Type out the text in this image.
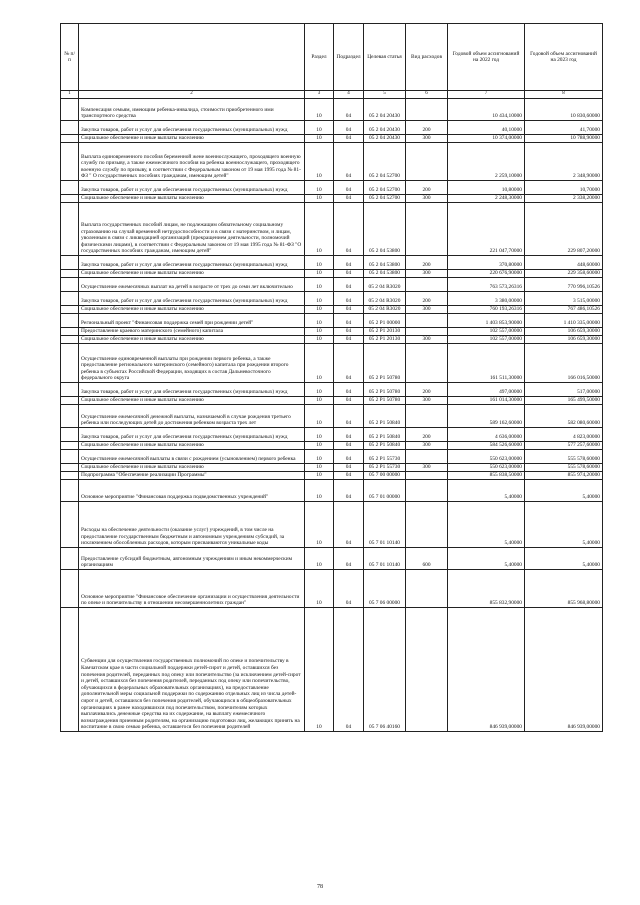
№ п/п		Раздел	Подраздел	Целевая статья	Вид расходов	Годовой объем ассигнований на 2022 год	Годовой объем ассигнований на 2023 год
1	2	3	4	5	6	7	8
	Компенсация семьям, имеющим ребенка-инвалида, стоимости приобретенного ими транспортного средства	10	04	05 2 04 20430		10 434,10000	10 830,60000
	Закупка товаров, работ и услуг для обеспечения государственных (муниципальных) нужд	10	04	05 2 04 20430	200	40,10000	41,70000
	Социальное обеспечение и иные выплаты населению	10	04	05 2 04 20430	300	10 374,00000	10 788,90000
	Выплата единовременного пособия беременной жене военнослужащего, проходящего военную службу по призыву, а также ежемесячного пособия на ребенка военнослужащего, проходящего военную службу по призыву, в соответствии с Федеральным законом от 19 мая 1995 года № 81-ФЗ " О государственных пособиях гражданам, имеющим детей"	10	04	05 2 04 52700		2 259,10000	2 348,90000
	Закупка товаров, работ и услуг для обеспечения государственных (муниципальных) нужд	10	04	05 2 04 52700	200	10,80000	10,70000
	Социальное обеспечение и иные выплаты населению	10	04	05 2 04 52700	300	2 248,30000	2 338,20000
	Выплата государственных пособий лицам, не подлежащим обязательному социальному страхованию на случай временной нетрудоспособности и в связи с материнством, и лицам, уволенным в связи с ликвидацией организаций (прекращением деятельности, полномочий физическими лицами), в соответствии с Федеральным законом от 19 мая 1995 года № 81-ФЗ "О государственных пособиях гражданам, имеющим детей"	10	04	05 2 04 53800		221 047,70000	229 807,20000
	Закупка товаров, работ и услуг для обеспечения государственных (муниципальных) нужд	10	04	05 2 04 53800	200	370,80000	448,60000
	Социальное обеспечение и иные выплаты населению	10	04	05 2 04 53800	300	220 676,90000	229 358,60000
	Осуществление ежемесячных выплат на детей в возрасте от трех до семи лет включительно	10	04	05 2 04 R3020		763 573,26316	770 996,10526
	Закупка товаров, работ и услуг для обеспечения государственных (муниципальных) нужд	10	04	05 2 04 R3020	200	3 380,00000	3 515,00000
	Социальное обеспечение и иные выплаты населению	10	04	05 2 04 R3020	300	760 193,26316	767 486,10526
	Региональный проект "Финансовая поддержка семей при рождении детей"	10	04	05 2 P1 00000		1 403 853,90000	1 410 335,00000
	Предоставление краевого материнского (семейного) капитала	10	04	05 2 P1 20130		102 557,00000	106 659,30000
	Социальное обеспечение и иные выплаты населению	10	04	05 2 P1 20130	300	102 557,00000	106 659,30000
	Осуществление единовременной выплаты при рождении первого ребенка, а также предоставление регионального материнского (семейного) капитала при рождении второго ребенка в субъектах Российской Федерации, входящих в состав Дальневосточного федерального округа	10	04	05 2 P1 50780		161 511,30000	166 016,50000
	Закупка товаров, работ и услуг для обеспечения государственных (муниципальных) нужд	10	04	05 2 P1 50780	200	497,00000	517,00000
	Социальное обеспечение и иные выплаты населению	10	04	05 2 P1 50780	300	161 014,30000	165 499,50000
	Осуществление ежемесячной денежной выплаты, назначаемой в случае рождения третьего ребенка или последующих детей до достижения ребенком возраста трех лет	10	04	05 2 P1 50840		589 162,60000	582 080,60000
	Закупка товаров, работ и услуг для обеспечения государственных (муниципальных) нужд	10	04	05 2 P1 50840	200	4 636,00000	4 823,00000
	Социальное обеспечение и иные выплаты населению	10	04	05 2 P1 50840	300	584 526,60000	577 257,60000
	Осуществление ежемесячной выплаты в связи с рождением (усыновлением) первого ребенка	10	04	05 2 P1 55730		550 623,00000	555 578,60000
	Социальное обеспечение и иные выплаты населению	10	04	05 2 P1 55730	300	550 623,00000	555 578,60000
	Подпрограмма "Обеспечение реализации Программы"	10	04	05 7 00 00000		855 838,50000	855 974,20000
	Основное мероприятие "Финансовая поддержка подведомственных учреждений"	10	04	05 7 01 00000		5,40000	5,40000
	Расходы на обеспечение деятельности (оказание услуг) учреждений, в том числе на предоставление государственным бюджетным и автономным учреждениям субсидий, за исключением обособленных расходов, которым присваиваются уникальные коды	10	04	05 7 01 10140		5,40000	5,40000
	Предоставление субсидий бюджетным, автономным учреждениям и иным некоммерческим организациям	10	04	05 7 01 10140	600	5,40000	5,40000
	Основное мероприятие "Финансовое обеспечение организации и осуществления деятельности по опеке и попечительству в отношении несовершеннолетних граждан"	10	04	05 7 06 00000		855 832,90000	855 968,80000
	Субвенции для осуществления государственных полномочий по опеке и попечительству в Камчатском крае в части социальной поддержки детей-сирот и детей, оставшихся без попечения родителей, переданных под опеку или попечительство (за исключением детей-сирот и детей, оставшихся без попечения родителей, переданных под опеку или попечительство, обучающихся в федеральных образовательных организациях), на предоставление дополнительной меры социальной поддержки по содержанию отдельных лиц из числа детей-сирот и детей, оставшихся без попечения родителей, обучающихся в общеобразовательных организациях в ранее находившихся под попечительством, попечителям которых выплачивались денежные средства на их содержание, на выплату ежемесячного вознаграждения приемным родителям, на организацию подготовки лиц, желающих принять на воспитание в свою семью ребенка, оставшегося без попечения родителей	10	04	05 7 06 40160		846 939,00000	846 939,00000
78
